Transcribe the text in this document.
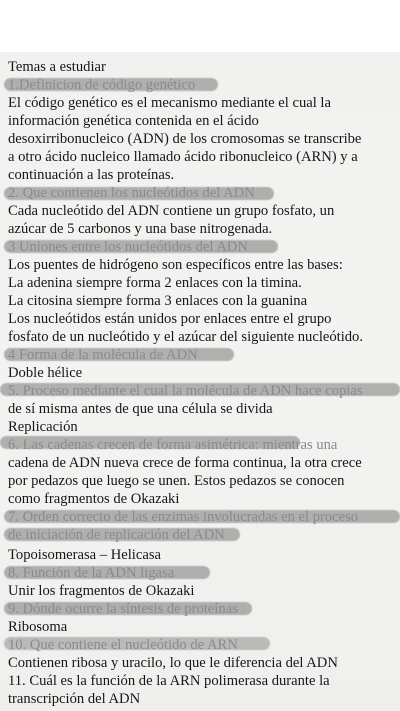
Temas a estudiar
1.Definicion de código genético
El código genético es el mecanismo mediante el cual la
información genética contenida en el ácido
desoxirribonucleico (ADN) de los cromosomas se transcribe
a otro ácido nucleico llamado ácido ribonucleico (ARN) y a
continuación a las proteínas.
2. Que contienen los nucleótidos del ADN
Cada nucleótido del ADN contiene un grupo fosfato, un
azúcar de 5 carbonos y una base nitrogenada.
3 Uniones entre los nucleótidos del ADN
Los puentes de hidrógeno son específicos entre las bases:
La adenina siempre forma 2 enlaces con la timina.
La citosina siempre forma 3 enlaces con la guanina
Los nucleótidos están unidos por enlaces entre el grupo
fosfato de un nucleótido y el azúcar del siguiente nucleótido.
4 Forma de la molécula de ADN
Doble hélice
5. Proceso mediante el cual la molécula de ADN hace copias
de sí misma antes de que una célula se divida
Replicación
6. Las cadenas crecen de forma asimétrica: mientras una
cadena de ADN nueva crece de forma continua, la otra crece
por pedazos que luego se unen. Estos pedazos se conocen
como fragmentos de Okazaki
7. Orden correcto de las enzimas involucradas en el proceso
de iniciación de replicación del ADN
Topoisomerasa – Helicasa
8. Función de la ADN ligasa
Unir los fragmentos de Okazaki
9. Dónde ocurre la síntesis de proteínas
Ribosoma
10. Que contiene el nucleótido de ARN
Contienen ribosa y uracilo, lo que le diferencia del ADN
11. Cuál es la función de la ARN polimerasa durante la
transcripción del ADN
